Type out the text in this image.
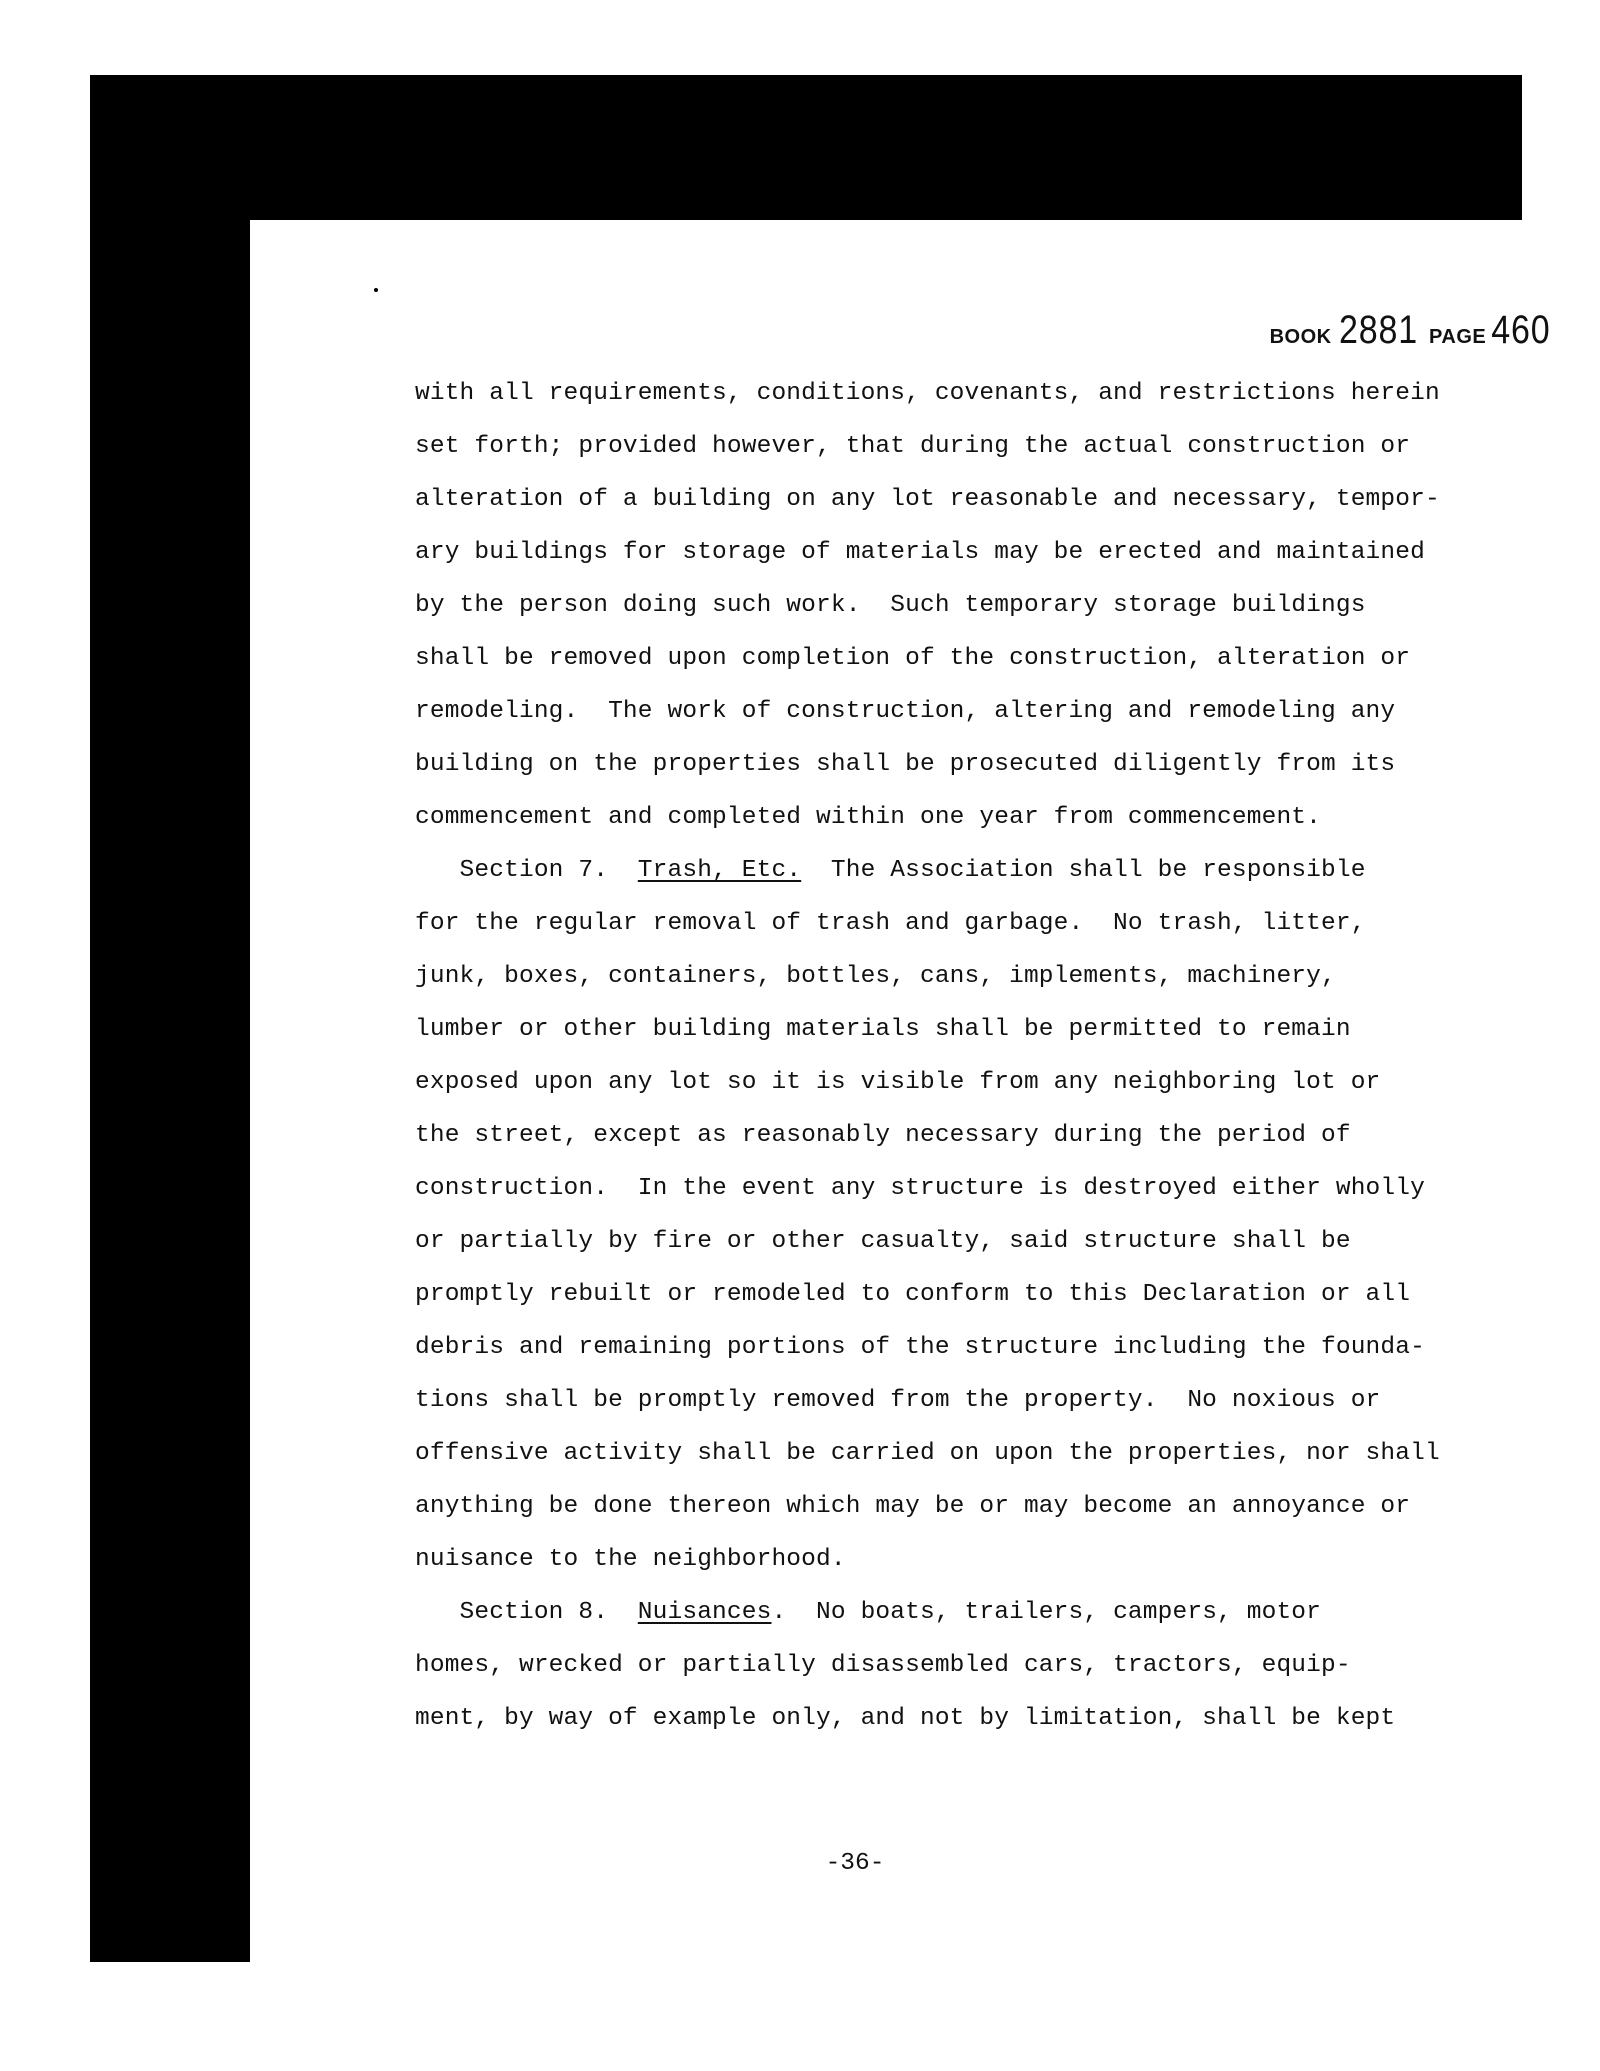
BOOK 2881 PAGE 460
with all requirements, conditions, covenants, and restrictions herein
set forth; provided however, that during the actual construction or
alteration of a building on any lot reasonable and necessary, tempor-
ary buildings for storage of materials may be erected and maintained
by the person doing such work.  Such temporary storage buildings
shall be removed upon completion of the construction, alteration or
remodeling.  The work of construction, altering and remodeling any
building on the properties shall be prosecuted diligently from its
commencement and completed within one year from commencement.
Section 7.  Trash, Etc.  The Association shall be responsible
for the regular removal of trash and garbage.  No trash, litter,
junk, boxes, containers, bottles, cans, implements, machinery,
lumber or other building materials shall be permitted to remain
exposed upon any lot so it is visible from any neighboring lot or
the street, except as reasonably necessary during the period of
construction.  In the event any structure is destroyed either wholly
or partially by fire or other casualty, said structure shall be
promptly rebuilt or remodeled to conform to this Declaration or all
debris and remaining portions of the structure including the founda-
tions shall be promptly removed from the property.  No noxious or
offensive activity shall be carried on upon the properties, nor shall
anything be done thereon which may be or may become an annoyance or
nuisance to the neighborhood.
Section 8.  Nuisances.  No boats, trailers, campers, motor
homes, wrecked or partially disassembled cars, tractors, equip-
ment, by way of example only, and not by limitation, shall be kept
-36-
